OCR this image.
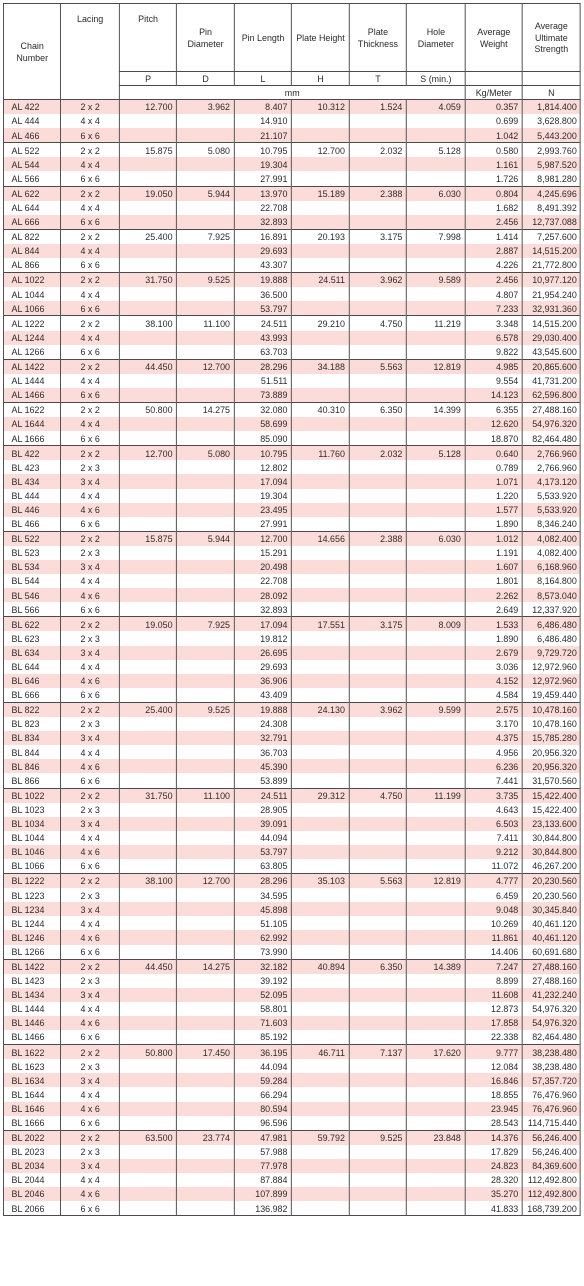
Chain Number	Lacing	Pitch	Pin Diameter	Pin Length	Plate Height	Plate Thickness	Hole Diameter	Average Weight	Average Ultimate Strength
		P	D	L	H	T	S (min.)		
		mm						Kg/Meter	N
AL 422	2 x 2	12.700	3.962	8.407	10.312	1.524	4.059	0.357	1,814.400
AL 444	4 x 4			14.910				0.699	3,628.800
AL 466	6 x 6			21.107				1.042	5,443.200
AL 522	2 x 2	15.875	5.080	10.795	12.700	2.032	5.128	0.580	2,993.760
AL 544	4 x 4			19.304				1.161	5,987.520
AL 566	6 x 6			27.991				1.726	8,981.280
AL 622	2 x 2	19.050	5.944	13.970	15.189	2.388	6.030	0.804	4,245.696
AL 644	4 x 4			22.708				1.682	8,491.392
AL 666	6 x 6			32.893				2.456	12,737.088
AL 822	2 x 2	25.400	7.925	16.891	20.193	3.175	7.998	1.414	7,257.600
AL 844	4 x 4			29.693				2.887	14,515.200
AL 866	6 x 6			43.307				4.226	21,772.800
AL 1022	2 x 2	31.750	9.525	19.888	24.511	3.962	9.589	2.456	10,977.120
AL 1044	4 x 4			36.500				4.807	21,954.240
AL 1066	6 x 6			53.797				7.233	32,931.360
AL 1222	2 x 2	38.100	11.100	24.511	29.210	4.750	11.219	3.348	14,515.200
AL 1244	4 x 4			43.993				6.578	29,030.400
AL 1266	6 x 6			63.703				9.822	43,545.600
AL 1422	2 x 2	44.450	12.700	28.296	34.188	5.563	12.819	4.985	20,865.600
AL 1444	4 x 4			51.511				9.554	41,731.200
AL 1466	6 x 6			73.889				14.123	62,596.800
AL 1622	2 x 2	50.800	14.275	32.080	40.310	6.350	14.399	6.355	27,488.160
AL 1644	4 x 4			58.699				12.620	54,976.320
AL 1666	6 x 6			85.090				18.870	82,464.480
BL 422	2 x 2	12.700	5.080	10.795	11.760	2.032	5.128	0.640	2,766.960
BL 423	2 x 3			12.802				0.789	2,766.960
BL 434	3 x 4			17.094				1.071	4,173.120
BL 444	4 x 4			19.304				1.220	5,533.920
BL 446	4 x 6			23.495				1.577	5,533.920
BL 466	6 x 6			27.991				1.890	8,346.240
BL 522	2 x 2	15.875	5.944	12.700	14.656	2.388	6.030	1.012	4,082.400
BL 523	2 x 3			15.291				1.191	4,082.400
BL 534	3 x 4			20.498				1.607	6,168.960
BL 544	4 x 4			22.708				1.801	8,164.800
BL 546	4 x 6			28.092				2.262	8,573.040
BL 566	6 x 6			32.893				2.649	12,337.920
BL 622	2 x 2	19.050	7.925	17.094	17.551	3.175	8.009	1.533	6,486.480
BL 623	2 x 3			19.812				1.890	6,486.480
BL 634	3 x 4			26.695				2.679	9,729.720
BL 644	4 x 4			29.693				3.036	12,972.960
BL 646	4 x 6			36.906				4.152	12,972.960
BL 666	6 x 6			43.409				4.584	19,459.440
BL 822	2 x 2	25.400	9.525	19.888	24.130	3.962	9.599	2.575	10,478.160
BL 823	2 x 3			24.308				3.170	10,478.160
BL 834	3 x 4			32.791				4.375	15,785.280
BL 844	4 x 4			36.703				4.956	20,956.320
BL 846	4 x 6			45.390				6.236	20,956.320
BL 866	6 x 6			53.899				7.441	31,570.560
BL 1022	2 x 2	31.750	11.100	24.511	29.312	4.750	11.199	3.735	15,422.400
BL 1023	2 x 3			28.905				4.643	15,422.400
BL 1034	3 x 4			39.091				6.503	23,133.600
BL 1044	4 x 4			44.094				7.411	30,844.800
BL 1046	4 x 6			53.797				9.212	30,844.800
BL 1066	6 x 6			63.805				11.072	46,267.200
BL 1222	2 x 2	38.100	12.700	28.296	35.103	5.563	12.819	4.777	20,230.560
BL 1223	2 x 3			34.595				6.459	20,230.560
BL 1234	3 x 4			45.898				9.048	30,345.840
BL 1244	4 x 4			51.105				10.269	40,461.120
BL 1246	4 x 6			62.992				11.861	40,461.120
BL 1266	6 x 6			73.990				14.406	60,691.680
BL 1422	2 x 2	44.450	14.275	32.182	40.894	6.350	14.389	7.247	27,488.160
BL 1423	2 x 3			39.192				8.899	27,488.160
BL 1434	3 x 4			52.095				11.608	41,232.240
BL 1444	4 x 4			58.801				12.873	54,976.320
BL 1446	4 x 6			71.603				17.858	54,976.320
BL 1466	6 x 6			85.192				22.338	82,464.480
BL 1622	2 x 2	50.800	17.450	36.195	46.711	7.137	17.620	9.777	38,238.480
BL 1623	2 x 3			44.094				12.084	38,238.480
BL 1634	3 x 4			59.284				16.846	57,357.720
BL 1644	4 x 4			66.294				18.855	76,476.960
BL 1646	4 x 6			80.594				23.945	76,476.960
BL 1666	6 x 6			96.596				28.543	114,715.440
BL 2022	2 x 2	63.500	23.774	47.981	59.792	9.525	23.848	14.376	56,246.400
BL 2023	2 x 3			57.988				17.829	56,246.400
BL 2034	3 x 4			77.978				24.823	84,369.600
BL 2044	4 x 4			87.884				28.320	112,492.800
BL 2046	4 x 6			107.899				35.270	112,492.800
BL 2066	6 x 6			136.982				41.833	168,739.200
